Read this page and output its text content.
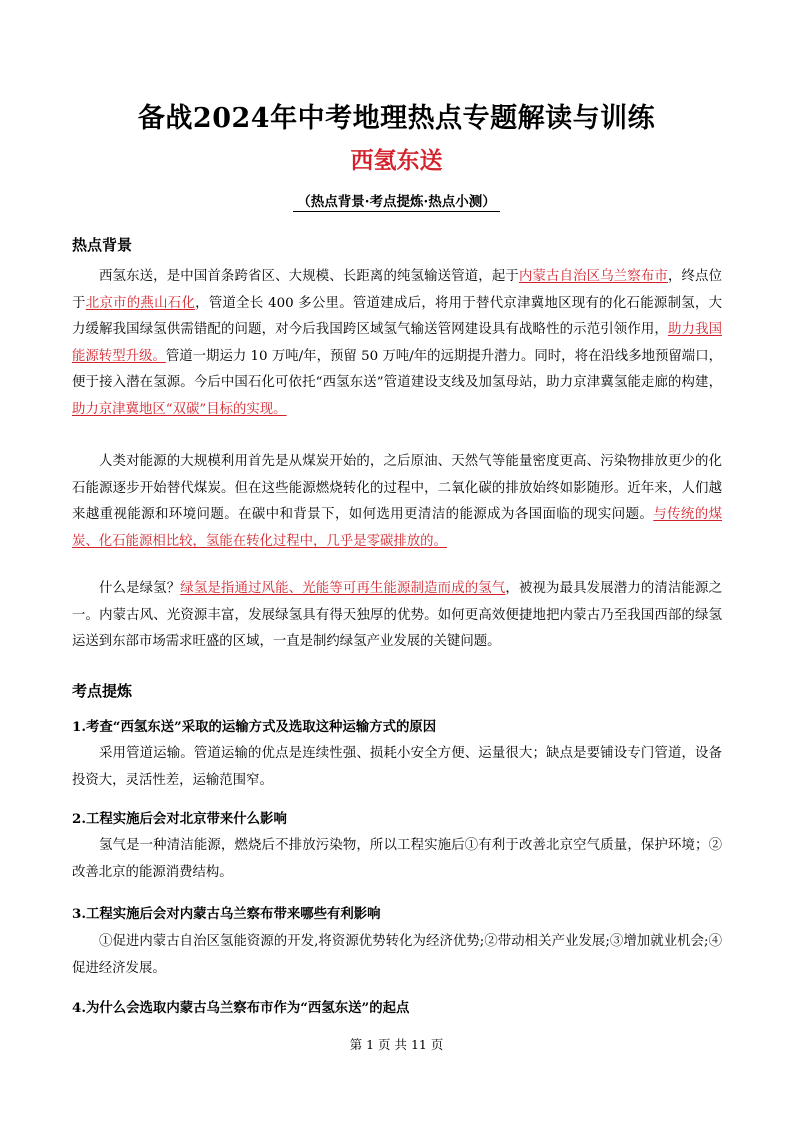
备战2024年中考地理热点专题解读与训练
西氢东送
（热点背景·考点提炼·热点小测）
热点背景

西氢东送，是中国首条跨省区、大规模、长距离的纯氢输送管道，起于内蒙古自治区乌兰察布市，终点位于北京市的燕山石化，管道全长 400 多公里。管道建成后，将用于替代京津冀地区现有的化石能源制氢，大力缓解我国绿氢供需错配的问题，对今后我国跨区域氢气输送管网建设具有战略性的示范引领作用，助力我国能源转型升级。管道一期运力 10 万吨/年，预留 50 万吨/年的远期提升潜力。同时，将在沿线多地预留端口，便于接入潜在氢源。今后中国石化可依托“西氢东送”管道建设支线及加氢母站，助力京津冀氢能走廊的构建，助力京津冀地区“双碳”目标的实现。

人类对能源的大规模利用首先是从煤炭开始的，之后原油、天然气等能量密度更高、污染物排放更少的化石能源逐步开始替代煤炭。但在这些能源燃烧转化的过程中，二氧化碳的排放始终如影随形。近年来，人们越来越重视能源和环境问题。在碳中和背景下，如何选用更清洁的能源成为各国面临的现实问题。与传统的煤炭、化石能源相比较，氢能在转化过程中，几乎是零碳排放的。

什么是绿氢？绿氢是指通过风能、光能等可再生能源制造而成的氢气，被视为最具发展潜力的清洁能源之一。内蒙古风、光资源丰富，发展绿氢具有得天独厚的优势。如何更高效便捷地把内蒙古乃至我国西部的绿氢运送到东部市场需求旺盛的区域，一直是制约绿氢产业发展的关键问题。

考点提炼
1.考查“西氢东送”采取的运输方式及选取这种运输方式的原因

采用管道运输。管道运输的优点是连续性强、损耗小安全方便、运量很大；缺点是要铺设专门管道，设备投资大，灵活性差，运输范围窄。

2.工程实施后会对北京带来什么影响

氢气是一种清洁能源，燃烧后不排放污染物，所以工程实施后①有利于改善北京空气质量，保护环境；②改善北京的能源消费结构。

3.工程实施后会对内蒙古乌兰察布带来哪些有利影响

①促进内蒙古自治区氢能资源的开发,将资源优势转化为经济优势;②带动相关产业发展;③增加就业机会;④促进经济发展。

4.为什么会选取内蒙古乌兰察布市作为“西氢东送”的起点
第 1 页 共 11 页
